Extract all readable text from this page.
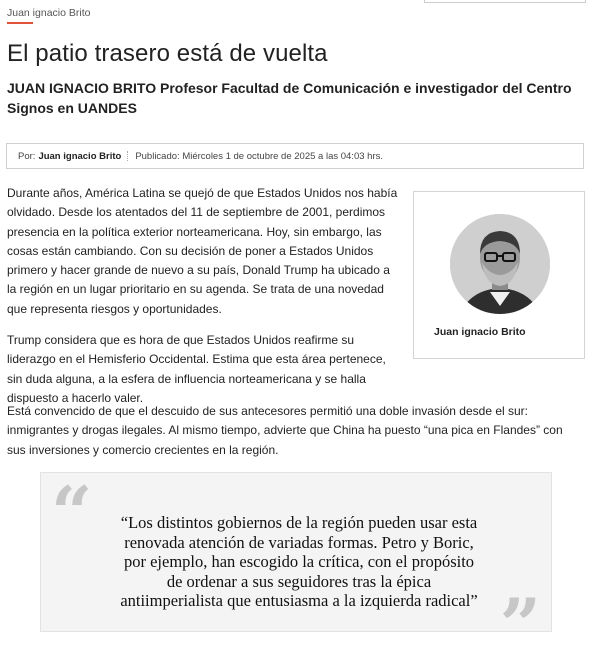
Juan ignacio Brito
El patio trasero está de vuelta
JUAN IGNACIO BRITO Profesor Facultad de Comunicación e investigador del Centro Signos en UANDES
Por: Juan ignacio Brito Publicado: Miércoles 1 de octubre de 2025 a las 04:03 hrs.

Durante años, América Latina se quejó de que Estados Unidos nos había olvidado. Desde los atentados del 11 de septiembre de 2001, perdimos presencia en la política exterior norteamericana. Hoy, sin embargo, las cosas están cambiando. Con su decisión de poner a Estados Unidos primero y hacer grande de nuevo a su país, Donald Trump ha ubicado a la región en un lugar prioritario en su agenda. Se trata de una novedad que representa riesgos y oportunidades.

Juan ignacio Brito

Trump considera que es hora de que Estados Unidos reafirme su liderazgo en el Hemisferio Occidental. Estima que esta área pertenece, sin duda alguna, a la esfera de influencia norteamericana y se halla dispuesto a hacerlo valer.

Está convencido de que el descuido de sus antecesores permitió una doble invasión desde el sur: inmigrantes y drogas ilegales. Al mismo tiempo, advierte que China ha puesto “una pica en Flandes” con sus inversiones y comercio crecientes en la región.

“ “Los distintos gobiernos de la región pueden usar esta renovada atención de variadas formas. Petro y Boric, por ejemplo, han escogido la crítica, con el propósito de ordenar a sus seguidores tras la épica antiimperialista que entusiasma a la izquierda radical” ”
